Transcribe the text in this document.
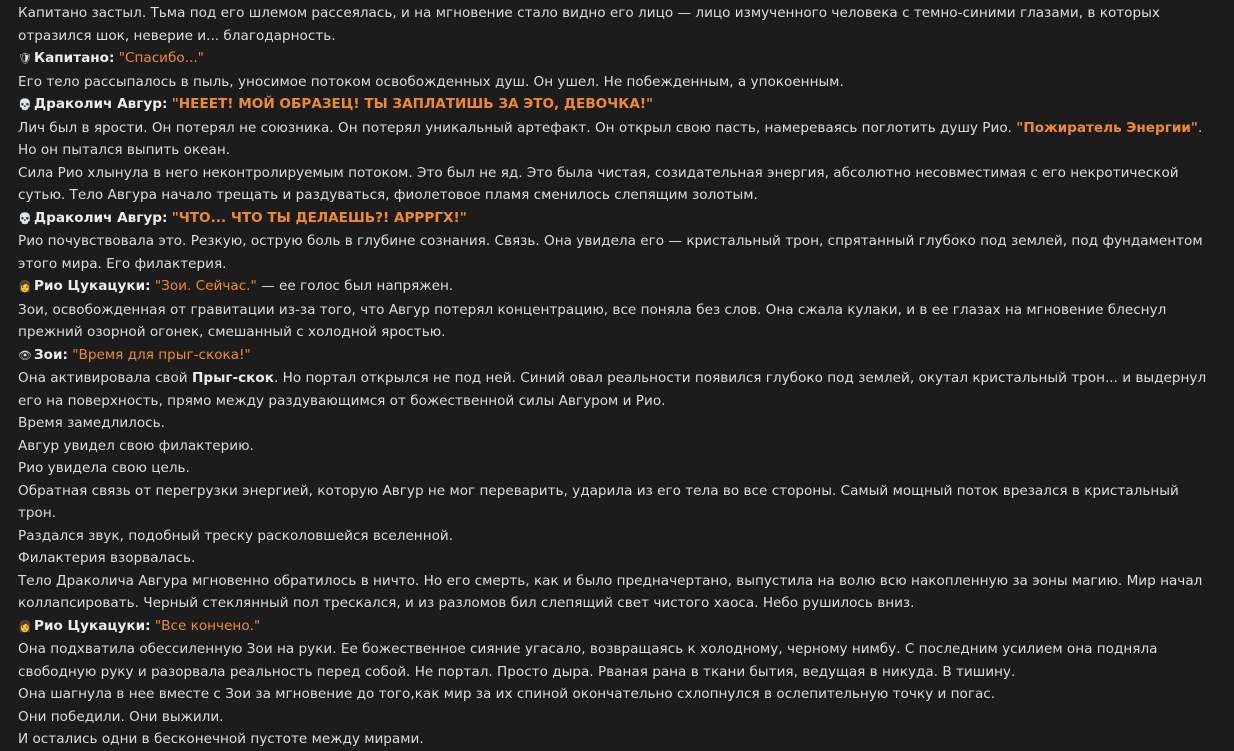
Капитано застыл. Тьма под его шлемом рассеялась, и на мгновение стало видно его лицо — лицо измученного человека с темно-синими глазами, в которых отразился шок, неверие и... благодарность.
🛡 Капитано: "Спасибо..."
Его тело рассыпалось в пыль, уносимое потоком освобожденных душ. Он ушел. Не побежденным, а упокоенным.
💀 Драколич Авгур: "НЕЕЕТ! МОЙ ОБРАЗЕЦ! ТЫ ЗАПЛАТИШЬ ЗА ЭТО, ДЕВОЧКА!"
Лич был в ярости. Он потерял не союзника. Он потерял уникальный артефакт. Он открыл свою пасть, намереваясь поглотить душу Рио. "Пожиратель Энергии".
Но он пытался выпить океан.
Сила Рио хлынула в него неконтролируемым потоком. Это был не яд. Это была чистая, созидательная энергия, абсолютно несовместимая с его некротической сутью. Тело Авгура начало трещать и раздуваться, фиолетовое пламя сменилось слепящим золотым.
💀 Драколич Авгур: "ЧТО... ЧТО ТЫ ДЕЛАЕШЬ?! АРРРГХ!"
Рио почувствовала это. Резкую, острую боль в глубине сознания. Связь. Она увидела его — кристальный трон, спрятанный глубоко под землей, под фундаментом этого мира. Его филактерия.
👩 Рио Цукацуки: "Зои. Сейчас." — ее голос был напряжен.
Зои, освобожденная от гравитации из-за того, что Авгур потерял концентрацию, все поняла без слов. Она сжала кулаки, и в ее глазах на мгновение блеснул прежний озорной огонек, смешанный с холодной яростью.
👁 Зои: "Время для прыг-скока!"
Она активировала свой Прыг-скок. Но портал открылся не под ней. Синий овал реальности появился глубоко под землей, окутал кристальный трон... и выдернул его на поверхность, прямо между раздувающимся от божественной силы Авгуром и Рио.
Время замедлилось.
Авгур увидел свою филактерию.
Рио увидела свою цель.
Обратная связь от перегрузки энергией, которую Авгур не мог переварить, ударила из его тела во все стороны. Самый мощный поток врезался в кристальный трон.
Раздался звук, подобный треску расколовшейся вселенной.
Филактерия взорвалась.
Тело Драколича Авгура мгновенно обратилось в ничто. Но его смерть, как и было предначертано, выпустила на волю всю накопленную за эоны магию. Мир начал коллапсировать. Черный стеклянный пол трескался, и из разломов бил слепящий свет чистого хаоса. Небо рушилось вниз.
👩 Рио Цукацуки: "Все кончено."
Она подхватила обессиленную Зои на руки. Ее божественное сияние угасало, возвращаясь к холодному, черному нимбу. С последним усилием она подняла свободную руку и разорвала реальность перед собой. Не портал. Просто дыра. Рваная рана в ткани бытия, ведущая в никуда. В тишину.
Она шагнула в нее вместе с Зои за мгновение до того,как мир за их спиной окончательно схлопнулся в ослепительную точку и погас.
Они победили. Они выжили.
И остались одни в бесконечной пустоте между мирами.
